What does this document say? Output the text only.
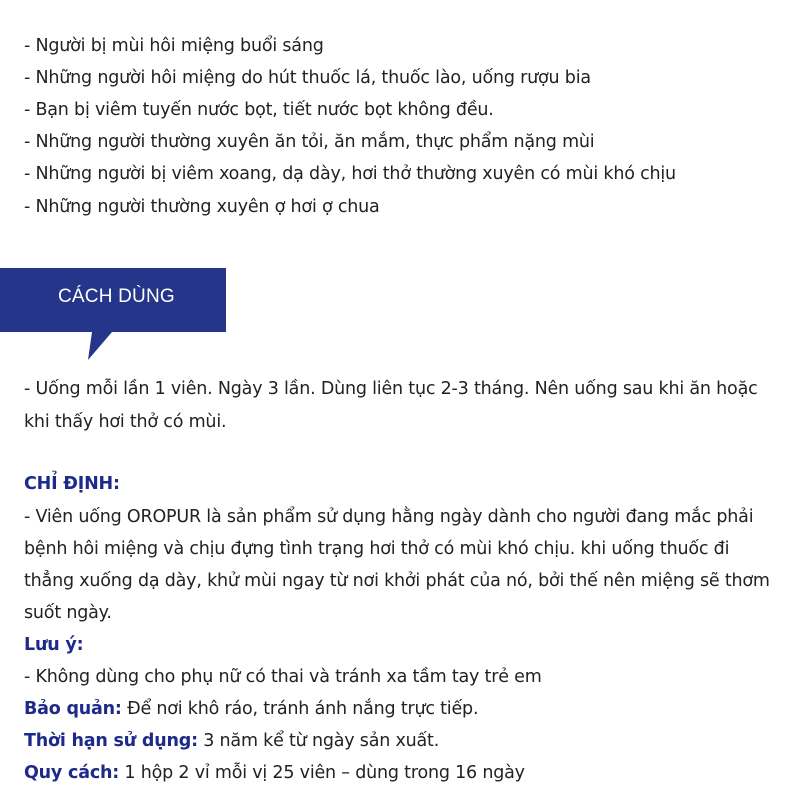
- Người bị mùi hôi miệng buổi sáng
- Những người hôi miệng do hút thuốc lá, thuốc lào, uống rượu bia
- Bạn bị viêm tuyến nước bọt, tiết nước bọt không đều.
- Những người thường xuyên ăn tỏi, ăn mắm, thực phẩm nặng mùi
- Những người bị viêm xoang, dạ dày, hơi thở thường xuyên có mùi khó chịu
- Những người thường xuyên ợ hơi ợ chua
CÁCH DÙNG
- Uống mỗi lần 1 viên. Ngày 3 lần. Dùng liên tục 2-3 tháng. Nên uống sau khi ăn hoặc
khi thấy hơi thở có mùi.
CHỈ ĐỊNH:
- Viên uống OROPUR là sản phẩm sử dụng hằng ngày dành cho người đang mắc phải
bệnh hôi miệng và chịu đựng tình trạng hơi thở có mùi khó chịu. khi uống thuốc đi
thẳng xuống dạ dày, khử mùi ngay từ nơi khởi phát của nó, bởi thế nên miệng sẽ thơm
suốt ngày.
Lưu ý:
- Không dùng cho phụ nữ có thai và tránh xa tầm tay trẻ em
Bảo quản: Để nơi khô ráo, tránh ánh nắng trực tiếp.
Thời hạn sử dụng: 3 năm kể từ ngày sản xuất.
Quy cách: 1 hộp 2 vỉ mỗi vị 25 viên – dùng trong 16 ngày
